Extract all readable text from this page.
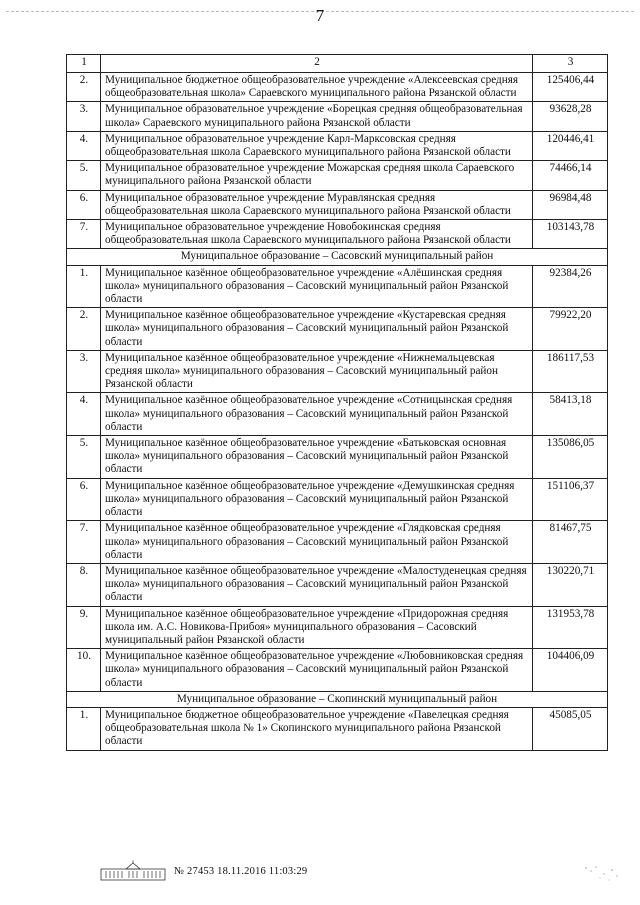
7
1	2	3
2.	Муниципальное бюджетное общеобразовательное учреждение «Алексеевская средняя общеобразовательная школа» Сараевского муниципального района Рязанской области	125406,44
3.	Муниципальное образовательное учреждение «Борецкая средняя общеобразовательная школа» Сараевского муниципального района Рязанской области	93628,28
4.	Муниципальное образовательное учреждение Карл-Марксовская средняя общеобразовательная школа Сараевского муниципального района Рязанской области	120446,41
5.	Муниципальное образовательное учреждение Можарская средняя школа Сараевского муниципального района Рязанской области	74466,14
6.	Муниципальное образовательное учреждение Муравлянская средняя общеобразовательная школа Сараевского муниципального района Рязанской области	96984,48
7.	Муниципальное образовательное учреждение Новобокинская средняя общеобразовательная школа Сараевского муниципального района Рязанской области	103143,78
Муниципальное образование – Сасовский муниципальный район		
1.	Муниципальное казённое общеобразовательное учреждение «Алёшинская средняя школа» муниципального образования – Сасовский муниципальный район Рязанской области	92384,26
2.	Муниципальное казённое общеобразовательное учреждение «Кустаревская средняя школа» муниципального образования – Сасовский муниципальный район Рязанской области	79922,20
3.	Муниципальное казённое общеобразовательное учреждение «Нижнемальцевская средняя школа» муниципального образования – Сасовский муниципальный район Рязанской области	186117,53
4.	Муниципальное казённое общеобразовательное учреждение «Сотницынская средняя школа» муниципального образования – Сасовский муниципальный район Рязанской области	58413,18
5.	Муниципальное казённое общеобразовательное учреждение «Батьковская основная школа» муниципального образования – Сасовский муниципальный район Рязанской области	135086,05
6.	Муниципальное казённое общеобразовательное учреждение «Демушкинская средняя школа» муниципального образования – Сасовский муниципальный район Рязанской области	151106,37
7.	Муниципальное казённое общеобразовательное учреждение «Глядковская средняя школа» муниципального образования – Сасовский муниципальный район Рязанской области	81467,75
8.	Муниципальное казённое общеобразовательное учреждение «Малостуденецкая средняя школа» муниципального образования – Сасовский муниципальный район Рязанской области	130220,71
9.	Муниципальное казённое общеобразовательное учреждение «Придорожная средняя школа им. А.С. Новикова-Прибоя» муниципального образования – Сасовский муниципальный район Рязанской области	131953,78
10.	Муниципальное казённое общеобразовательное учреждение «Любовниковская средняя школа» муниципального образования – Сасовский муниципальный район Рязанской области	104406,09
Муниципальное образование – Скопинский муниципальный район		
1.	Муниципальное бюджетное общеобразовательное учреждение «Павелецкая средняя общеобразовательная школа № 1» Скопинского муниципального района Рязанской области	45085,05
№ 27453 18.11.2016 11:03:29
